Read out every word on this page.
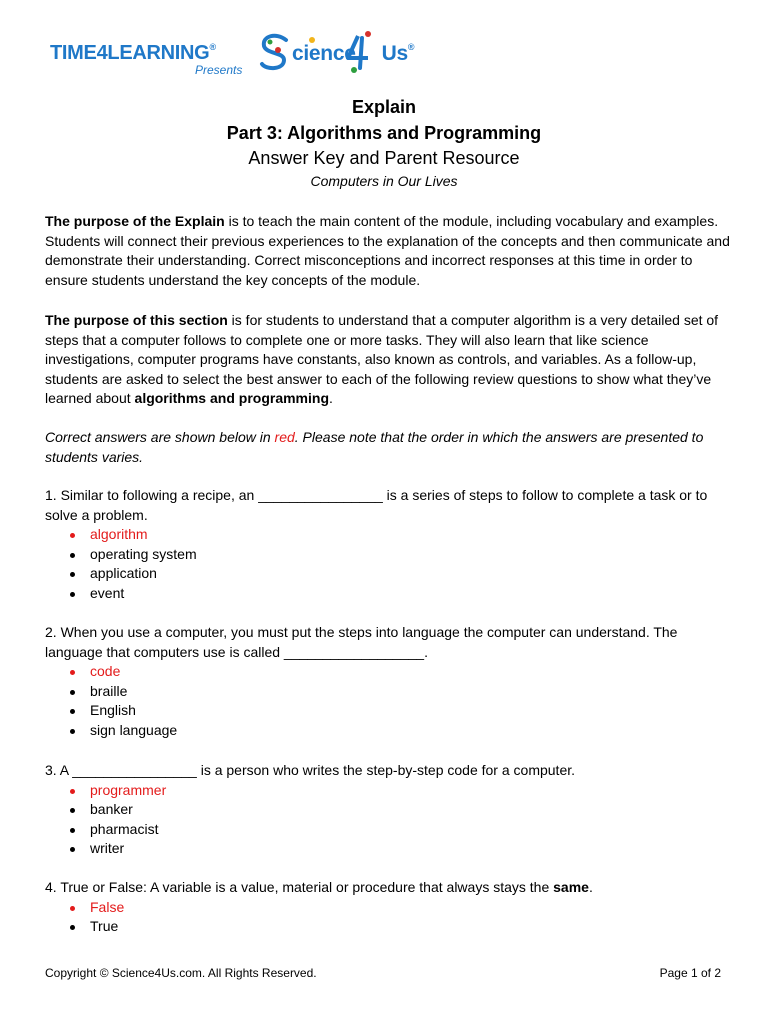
TIME4LEARNING®
Presents
cience Us®
Explain
Part 3: Algorithms and Programming
Answer Key and Parent Resource
Computers in Our Lives

The purpose of the Explain is to teach the main content of the module, including vocabulary and examples. Students will connect their previous experiences to the explanation of the concepts and then communicate and demonstrate their understanding. Correct misconceptions and incorrect responses at this time in order to ensure students understand the key concepts of the module.

The purpose of this section is for students to understand that a computer algorithm is a very detailed set of steps that a computer follows to complete one or more tasks. They will also learn that like science investigations, computer programs have constants, also known as controls, and variables. As a follow-up, students are asked to select the best answer to each of the following review questions to show what they’ve learned about algorithms and programming.

Correct answers are shown below in red. Please note that the order in which the answers are presented to students varies.

1. Similar to following a recipe, an ________________ is a series of steps to follow to complete a task or to solve a problem.

algorithm
operating system
application
event

2. When you use a computer, you must put the steps into language the computer can understand. The language that computers use is called __________________.

code
braille
English
sign language

3. A ________________ is a person who writes the step-by-step code for a computer.

programmer
banker
pharmacist
writer

4. True or False: A variable is a value, material or procedure that always stays the same.

False
True
Copyright © Science4Us.com. All Rights Reserved.	Page 1 of 2
